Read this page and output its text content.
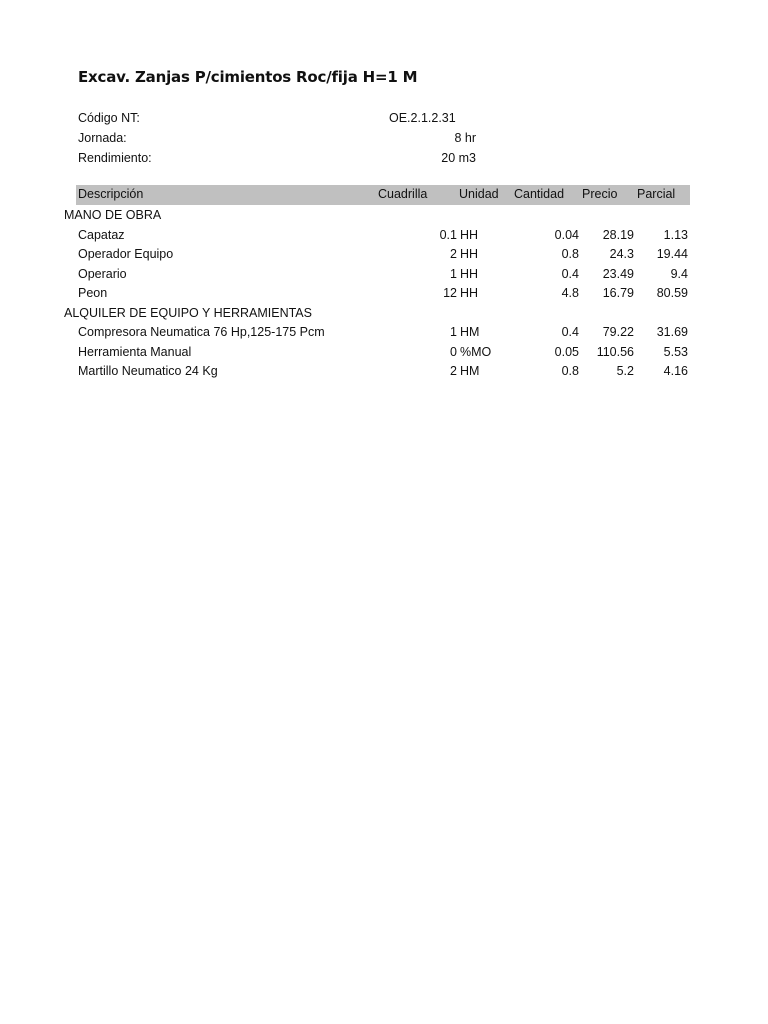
Excav. Zanjas P/cimientos Roc/fija H=1 M
Código NT:	OE.2.1.2.31
Jornada:	8 hr
Rendimiento:	20 m3
Descripción	Cuadrilla	Unidad Cantidad Precio Parcial
MANO DE OBRA
Capataz	0.1 HH	0.04	28.19	1.13
Operador Equipo	2 HH	0.8	24.3	19.44
Operario	1 HH	0.4	23.49	9.4
Peon	12 HH	4.8	16.79	80.59
ALQUILER DE EQUIPO Y HERRAMIENTAS
Compresora Neumatica 76 Hp,125-175 Pcm	1 HM	0.4	79.22	31.69
Herramienta Manual	0 %MO	0.05	110.56	5.53
Martillo Neumatico 24 Kg	2 HM	0.8	5.2	4.16
